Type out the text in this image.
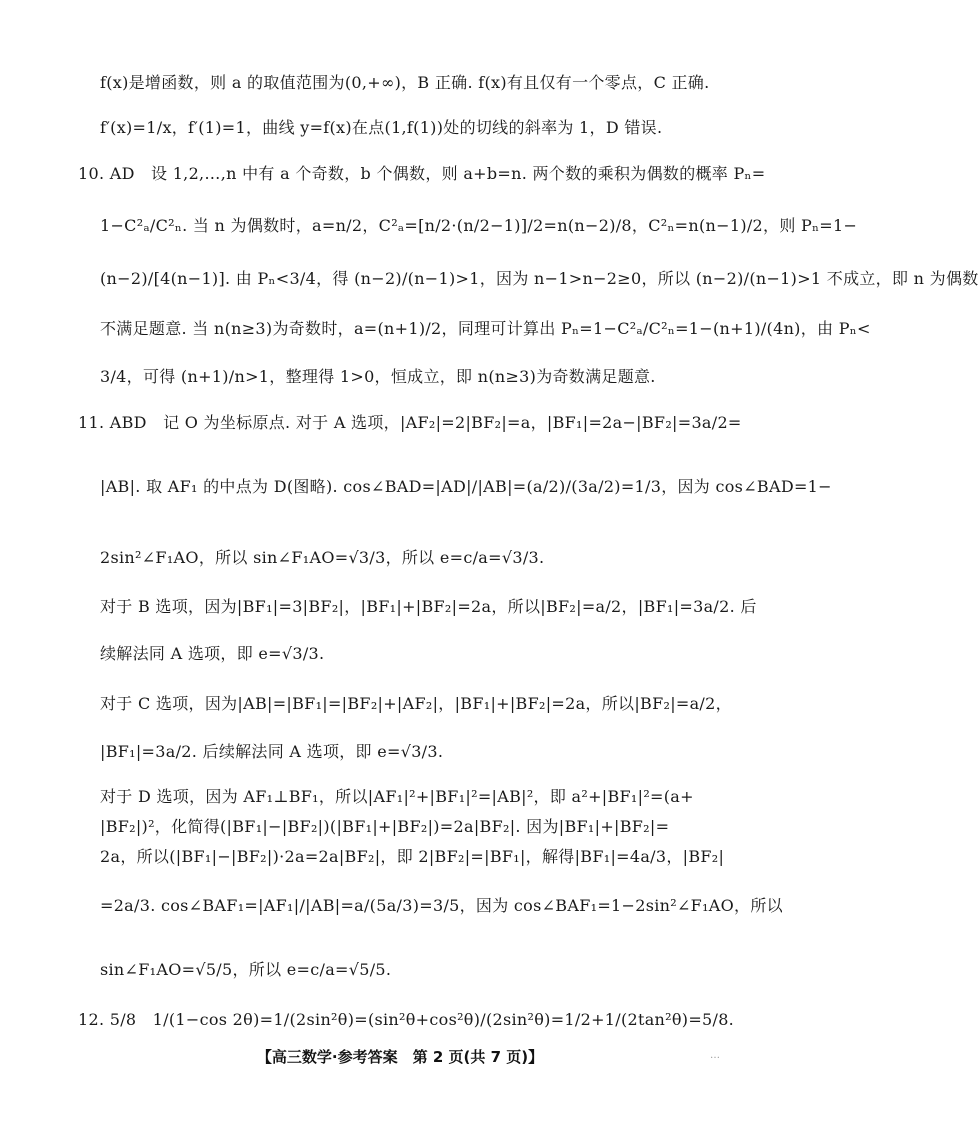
f(x)是增函数，则 a 的取值范围为(0,+∞)，B 正确. f(x)有且仅有一个零点，C 正确.
f′(x)=1/x，f′(1)=1，曲线 y=f(x)在点(1,f(1))处的切线的斜率为 1，D 错误.
10. AD　设 1,2,…,n 中有 a 个奇数，b 个偶数，则 a+b=n. 两个数的乘积为偶数的概率 Pₙ=
1−C²ₐ/C²ₙ. 当 n 为偶数时，a=n/2，C²ₐ=[n/2·(n/2−1)]/2=n(n−2)/8，C²ₙ=n(n−1)/2，则 Pₙ=1−
(n−2)/[4(n−1)]. 由 Pₙ<3/4，得 (n−2)/(n−1)>1，因为 n−1>n−2≥0，所以 (n−2)/(n−1)>1 不成立，即 n 为偶数
不满足题意. 当 n(n≥3)为奇数时，a=(n+1)/2，同理可计算出 Pₙ=1−C²ₐ/C²ₙ=1−(n+1)/(4n)，由 Pₙ<
3/4，可得 (n+1)/n>1，整理得 1>0，恒成立，即 n(n≥3)为奇数满足题意.
11. ABD　记 O 为坐标原点. 对于 A 选项，|AF₂|=2|BF₂|=a，|BF₁|=2a−|BF₂|=3a/2=
|AB|. 取 AF₁ 的中点为 D(图略). cos∠BAD=|AD|/|AB|=(a/2)/(3a/2)=1/3，因为 cos∠BAD=1−
2sin²∠F₁AO，所以 sin∠F₁AO=√3/3，所以 e=c/a=√3/3.
对于 B 选项，因为|BF₁|=3|BF₂|，|BF₁|+|BF₂|=2a，所以|BF₂|=a/2，|BF₁|=3a/2. 后
续解法同 A 选项，即 e=√3/3.
对于 C 选项，因为|AB|=|BF₁|=|BF₂|+|AF₂|，|BF₁|+|BF₂|=2a，所以|BF₂|=a/2，
|BF₁|=3a/2. 后续解法同 A 选项，即 e=√3/3.
对于 D 选项，因为 AF₁⊥BF₁，所以|AF₁|²+|BF₁|²=|AB|²，即 a²+|BF₁|²=(a+
|BF₂|)²，化简得(|BF₁|−|BF₂|)(|BF₁|+|BF₂|)=2a|BF₂|. 因为|BF₁|+|BF₂|=
2a，所以(|BF₁|−|BF₂|)·2a=2a|BF₂|，即 2|BF₂|=|BF₁|，解得|BF₁|=4a/3，|BF₂|
=2a/3. cos∠BAF₁=|AF₁|/|AB|=a/(5a/3)=3/5，因为 cos∠BAF₁=1−2sin²∠F₁AO，所以
sin∠F₁AO=√5/5，所以 e=c/a=√5/5.
12. 5/8　1/(1−cos 2θ)=1/(2sin²θ)=(sin²θ+cos²θ)/(2sin²θ)=1/2+1/(2tan²θ)=5/8.
【高三数学·参考答案　第 2 页(共 7 页)】	…
